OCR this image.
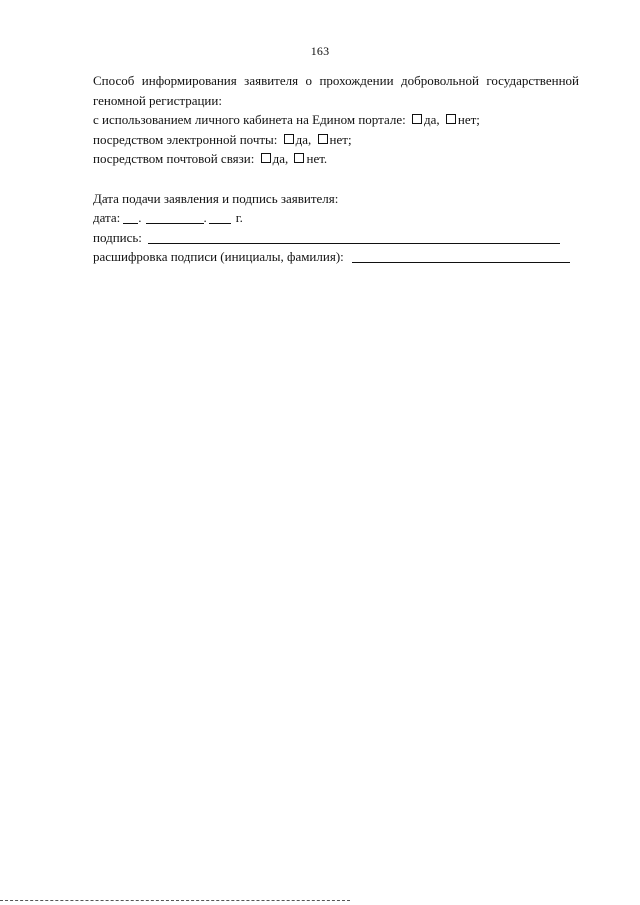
163

Способ информирования заявителя о прохождении добровольной государственной геномной регистрации:

с использованием личного кабинета на Едином портале: да, нет;

посредством электронной почты: да, нет;

посредством почтовой связи: да, нет.

Дата подачи заявления и подпись заявителя:

дата: .	. г.

подпись:

расшифровка подписи (инициалы, фамилия):
